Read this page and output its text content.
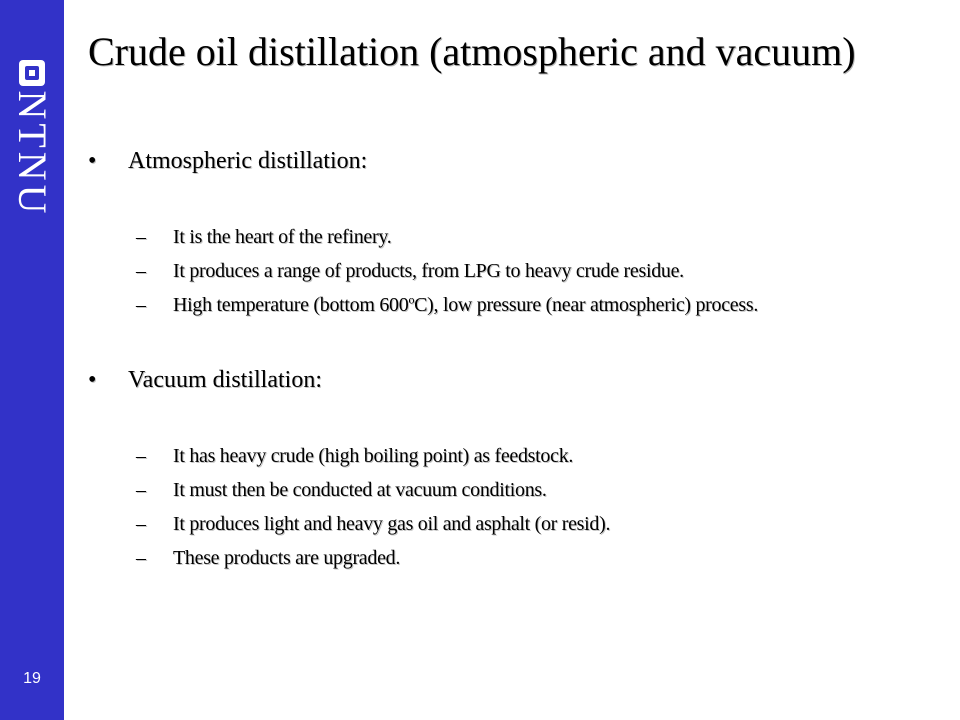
NTNU
19
Crude oil distillation (atmospheric and vacuum)
• Atmospheric distillation:
– It is the heart of the refinery.
– It produces a range of products, from LPG to heavy crude residue.
– High temperature (bottom 600$^o$C), low pressure (near atmospheric) process.
• Vacuum distillation:
– It has heavy crude (high boiling point) as feedstock.
– It must then be conducted at vacuum conditions.
– It produces light and heavy gas oil and asphalt (or resid).
– These products are upgraded.
